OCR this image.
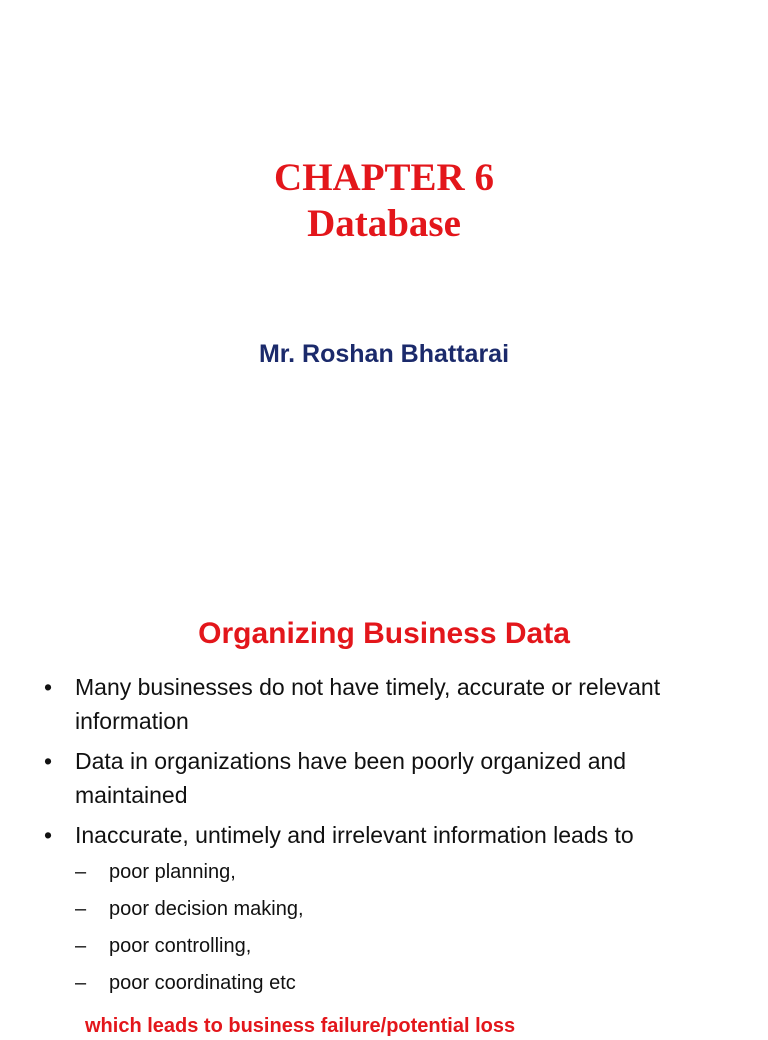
CHAPTER 6
Database
Mr. Roshan Bhattarai
Organizing Business Data
• Many businesses do not have timely, accurate or relevant information
• Data in organizations have been poorly organized and maintained
• Inaccurate, untimely and irrelevant information leads to
– poor planning,
– poor decision making,
– poor controlling,
– poor coordinating etc
which leads to business failure/potential loss
